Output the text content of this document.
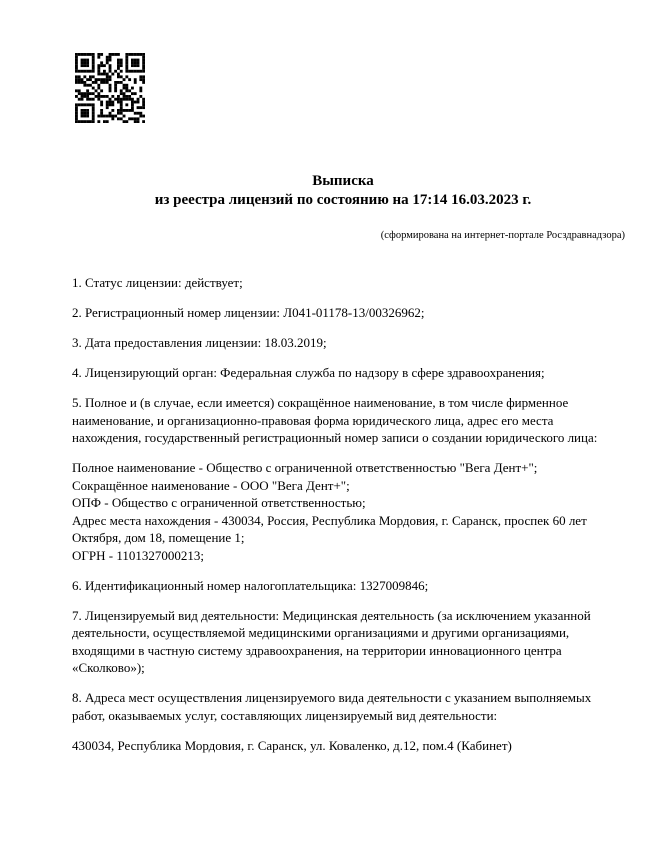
Выписка
из реестра лицензий по состоянию на 17:14 16.03.2023 г.
(сформирована на интернет-портале Росздравнадзора)

1. Статус лицензии: действует;

2. Регистрационный номер лицензии: Л041-01178-13/00326962;

3. Дата предоставления лицензии: 18.03.2019;

4. Лицензирующий орган: Федеральная служба по надзору в сфере здравоохранения;

5. Полное и (в случае, если имеется) сокращённое наименование, в том числе фирменное наименование, и организационно-правовая форма юридического лица, адрес его места нахождения, государственный регистрационный номер записи о создании юридического лица:

Полное наименование - Общество с ограниченной ответственностью "Вега Дент+";
Сокращённое наименование - ООО "Вега Дент+";
ОПФ - Общество с ограниченной ответственностью;
Адрес места нахождения - 430034, Россия, Республика Мордовия, г. Саранск, проспек 60 лет Октября, дом 18, помещение 1;
ОГРН - 1101327000213;

6. Идентификационный номер налогоплательщика: 1327009846;

7. Лицензируемый вид деятельности: Медицинская деятельность (за исключением указанной деятельности, осуществляемой медицинскими организациями и другими организациями, входящими в частную систему здравоохранения, на территории инновационного центра «Сколково»);

8. Адреса мест осуществления лицензируемого вида деятельности с указанием выполняемых работ, оказываемых услуг, составляющих лицензируемый вид деятельности:

430034, Республика Мордовия, г. Саранск, ул. Коваленко, д.12, пом.4 (Кабинет)
